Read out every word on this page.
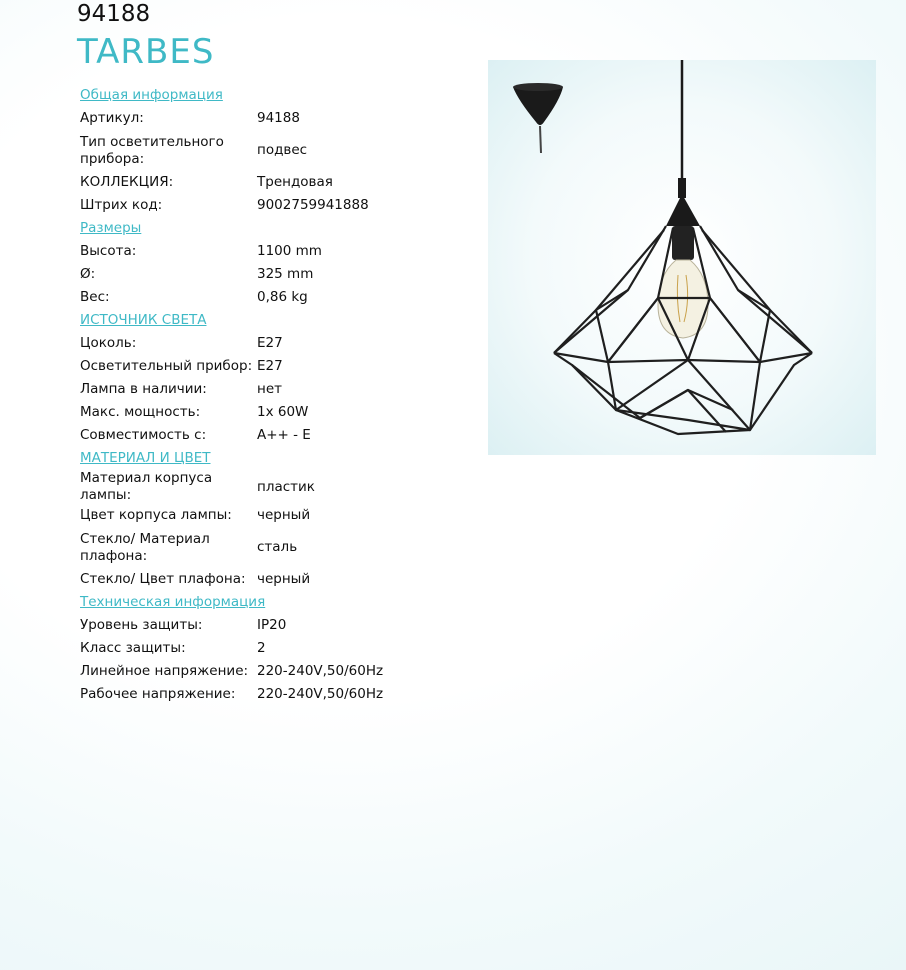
94188
TARBES
Общая информация
Артикул:	94188
Тип осветительного прибора:
подвес
КОЛЛЕКЦИЯ:	Трендовая
Штрих код:	9002759941888
Размеры
Высота:	1100 mm
Ø:	325 mm
Вес:	0,86 kg
ИСТОЧНИК СВЕТА
Цоколь:	E27
Осветительный прибор: E27
Лампа в наличии:	нет
Макс. мощность:	1x 60W
Совместимость с:	A++ - E
МАТЕРИАЛ И ЦВЕТ
Материал корпуса лампы:
пластик
Цвет корпуса лампы:	черный
Стекло/ Материал плафона:
сталь
Стекло/ Цвет плафона: черный
Техническая информация
Уровень защиты:	IP20
Класс защиты:	2
Линейное напряжение: 220-240V,50/60Hz
Рабочее напряжение:	220-240V,50/60Hz
